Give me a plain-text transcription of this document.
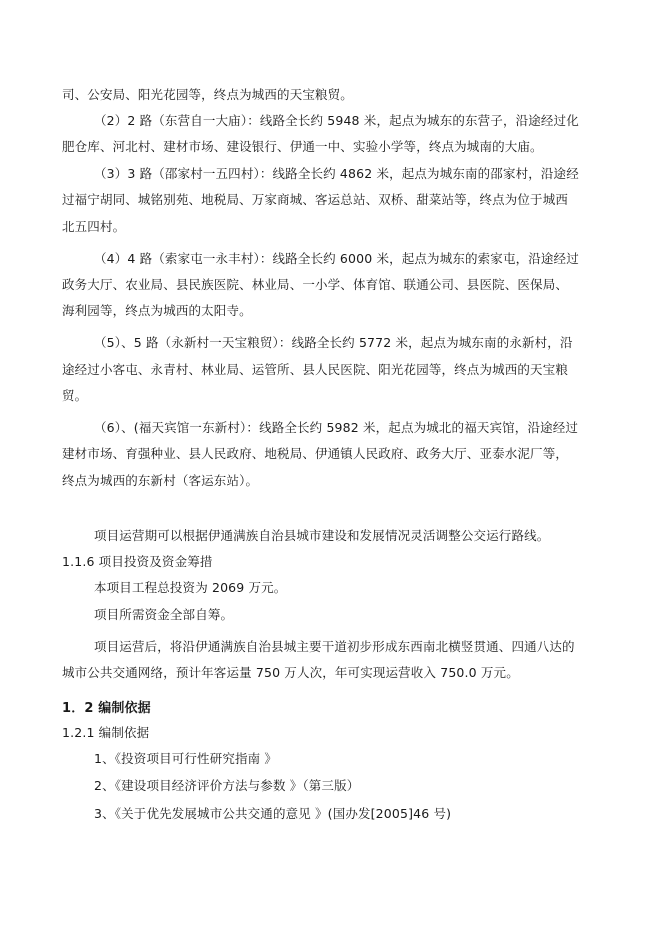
司、公安局、阳光花园等，终点为城西的天宝粮贸。
（2）2 路（东营自一大庙）：线路全长约 5948 米，起点为城东的东营子，沿途经过化
肥仓库、河北村、建材市场、建设银行、伊通一中、实验小学等，终点为城南的大庙。
（3）3 路（邵家村一五四村）：线路全长约 4862 米，起点为城东南的邵家村，沿途经
过福宁胡同、城铭别苑、地税局、万家商城、客运总站、双桥、甜菜站等，终点为位于城西
北五四村。
（4）4 路（索家屯一永丰村）：线路全长约 6000 米，起点为城东的索家屯，沿途经过
政务大厅、农业局、县民族医院、林业局、一小学、体育馆、联通公司、县医院、医保局、
海利园等，终点为城西的太阳寺。
（5）、5 路（永新村一天宝粮贸）：线路全长约 5772 米，起点为城东南的永新村，沿
途经过小客屯、永青村、林业局、运管所、县人民医院、阳光花园等，终点为城西的天宝粮
贸。
（6）、(福天宾馆一东新村）：线路全长约 5982 米，起点为城北的福天宾馆，沿途经过
建材市场、育强种业、县人民政府、地税局、伊通镇人民政府、政务大厅、亚泰水泥厂等，
终点为城西的东新村（客运东站）。
项目运营期可以根据伊通满族自治县城市建设和发展情况灵活调整公交运行路线。
1.1.6 项目投资及资金筹措
本项目工程总投资为 2069 万元。
项目所需资金全部自筹。
项目运营后，将沿伊通满族自治县城主要干道初步形成东西南北横竖贯通、四通八达的
城市公共交通网络，预计年客运量 750 万人次，年可实现运营收入 750.0 万元。
1．2 编制依据
1.2.1 编制依据
1、《投资项目可行性研究指南 》
2、《建设项目经济评价方法与参数 》（第三版）
3、《关于优先发展城市公共交通的意见 》(国办发[2005]46 号)
